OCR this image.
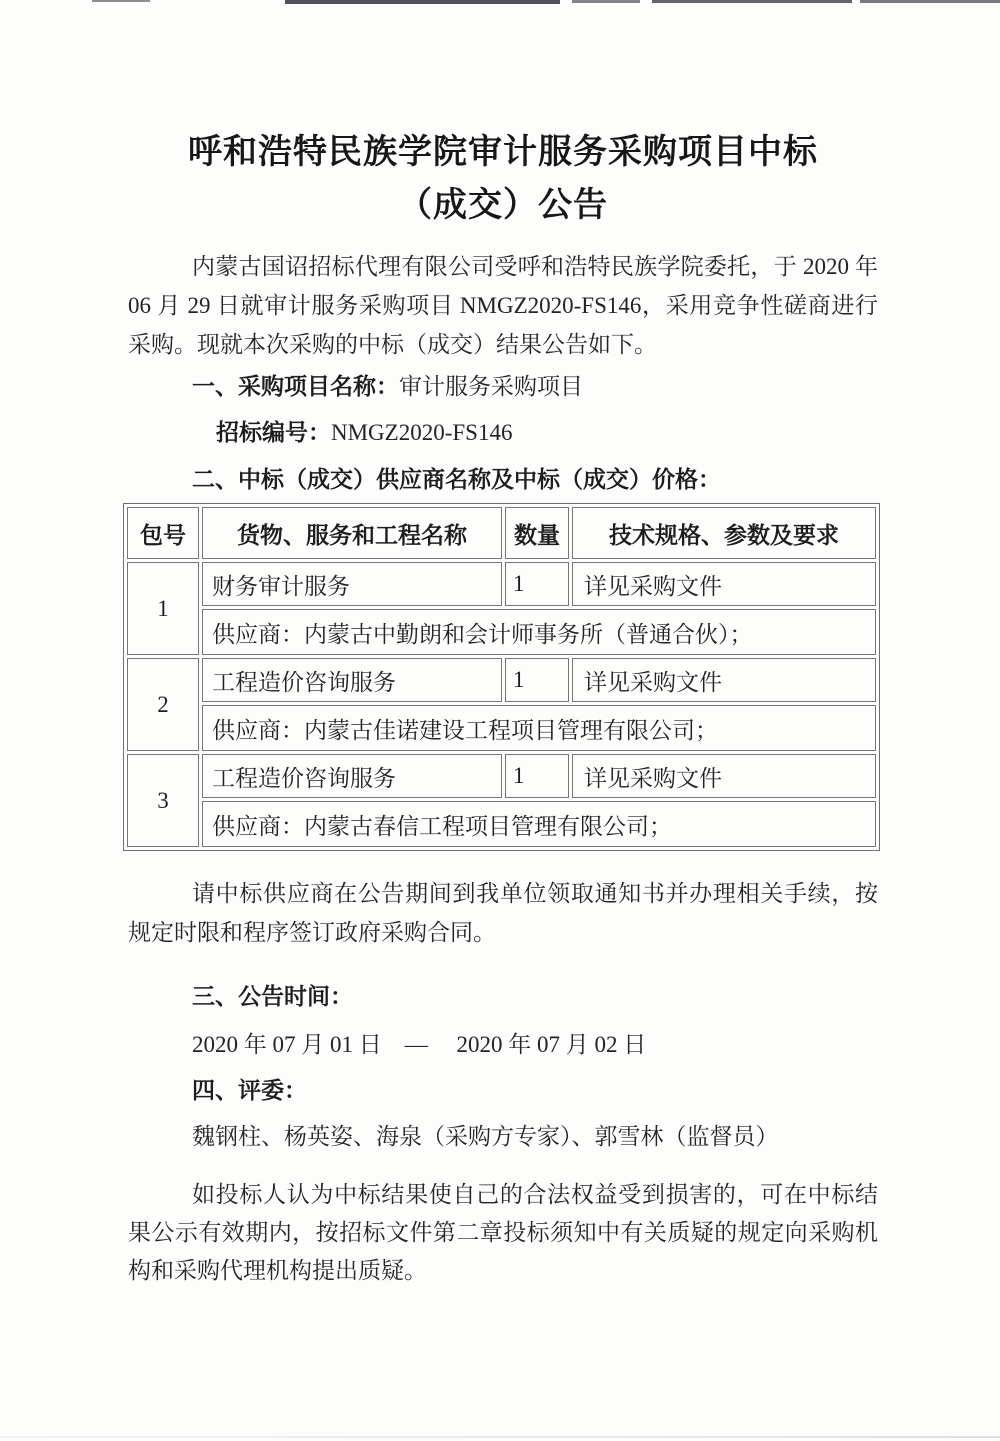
呼和浩特民族学院审计服务采购项目中标
（成交）公告

内蒙古国诏招标代理有限公司受呼和浩特民族学院委托，于 2020 年 06 月 29 日就审计服务采购项目 NMGZ2020-FS146，采用竞争性磋商进行采购。现就本次采购的中标（成交）结果公告如下。

一、采购项目名称：审计服务采购项目
招标编号：NMGZ2020-FS146
二、中标（成交）供应商名称及中标（成交）价格：
包号	货物、服务和工程名称	数量	技术规格、参数及要求
1	财务审计服务	1	详见采购文件
	供应商：内蒙古中勤朗和会计师事务所（普通合伙）；		
2	工程造价咨询服务	1	详见采购文件
	供应商：内蒙古佳诺建设工程项目管理有限公司；		
3	工程造价咨询服务	1	详见采购文件
	供应商：内蒙古春信工程项目管理有限公司；		

请中标供应商在公告期间到我单位领取通知书并办理相关手续，按规定时限和程序签订政府采购合同。

三、公告时间：
2020 年 07 月 01 日　—　 2020 年 07 月 02 日
四、评委：
魏钢柱、杨英姿、海泉（采购方专家）、郭雪林（监督员）

如投标人认为中标结果使自己的合法权益受到损害的，可在中标结果公示有效期内，按招标文件第二章投标须知中有关质疑的规定向采购机构和采购代理机构提出质疑。
